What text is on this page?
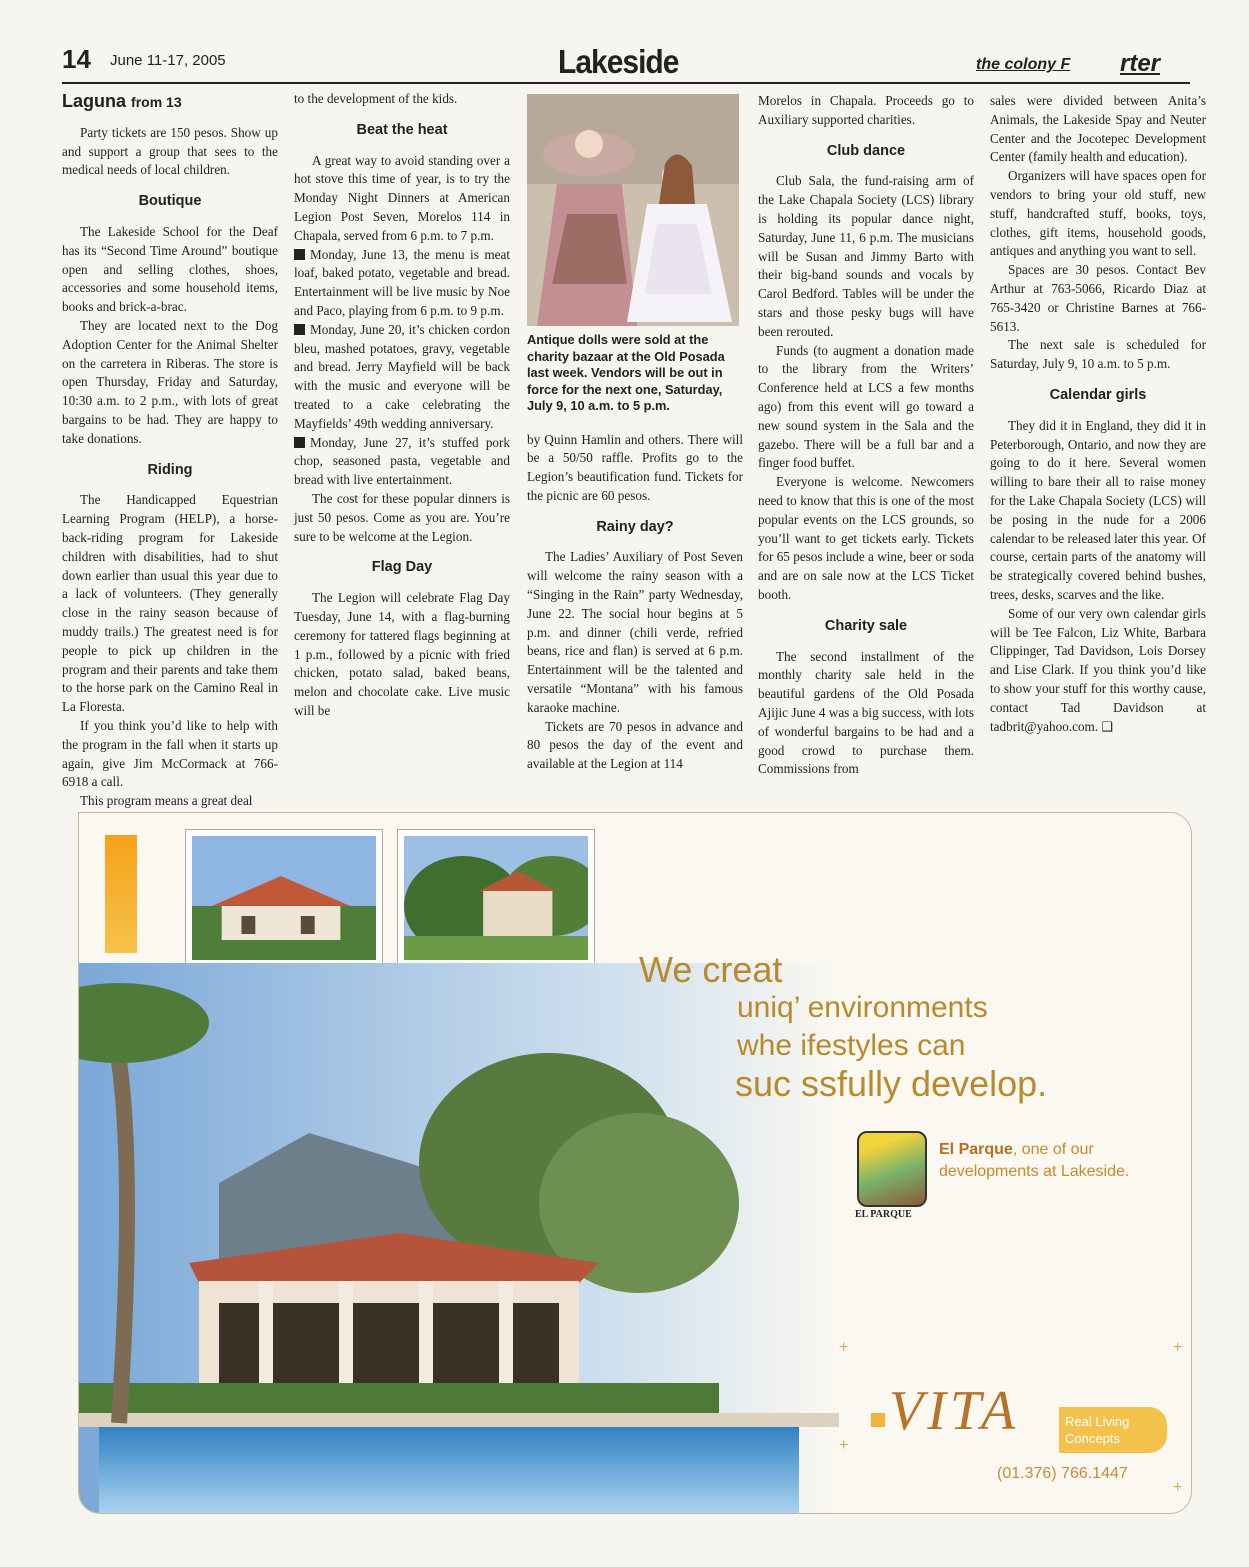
14 June 11-17, 2005	Lakeside	the colony F rter
Laguna from 13

Party tickets are 150 pesos. Show up and support a group that sees to the medical needs of local children.

Boutique

The Lakeside School for the Deaf has its “Second Time Around” boutique open and selling clothes, shoes, accessories and some household items, books and brick-a-brac.

They are located next to the Dog Adoption Center for the Animal Shelter on the carretera in Riberas. The store is open Thursday, Friday and Saturday, 10:30 a.m. to 2 p.m., with lots of great bargains to be had. They are happy to take donations.

Riding

The Handicapped Equestrian Learning Program (HELP), a horse-back-riding program for Lakeside children with disabilities, had to shut down earlier than usual this year due to a lack of volunteers. (They generally close in the rainy season because of muddy trails.) The greatest need is for people to pick up children in the program and their parents and take them to the horse park on the Camino Real in La Floresta.

If you think you’d like to help with the program in the fall when it starts up again, give Jim McCormack at 766-6918 a call.

This program means a great deal

to the development of the kids.

Beat the heat

A great way to avoid standing over a hot stove this time of year, is to try the Monday Night Dinners at American Legion Post Seven, Morelos 114 in Chapala, served from 6 p.m. to 7 p.m.

Monday, June 13, the menu is meat loaf, baked potato, vegetable and bread. Entertainment will be live music by Noe and Paco, playing from 6 p.m. to 9 p.m.

Monday, June 20, it’s chicken cordon bleu, mashed potatoes, gravy, vegetable and bread. Jerry Mayfield will be back with the music and everyone will be treated to a cake celebrating the Mayfields’ 49th wedding anniversary.

Monday, June 27, it’s stuffed pork chop, seasoned pasta, vegetable and bread with live entertainment.

The cost for these popular dinners is just 50 pesos. Come as you are. You’re sure to be welcome at the Legion.

Flag Day

The Legion will celebrate Flag Day Tuesday, June 14, with a flag-burning ceremony for tattered flags beginning at 1 p.m., followed by a picnic with fried chicken, potato salad, baked beans, melon and chocolate cake. Live music will be

Antique dolls were sold at the charity bazaar at the Old Posada last week. Vendors will be out in force for the next one, Saturday, July 9, 10 a.m. to 5 p.m.

by Quinn Hamlin and others. There will be a 50/50 raffle. Profits go to the Legion’s beautification fund. Tickets for the picnic are 60 pesos.

Rainy day?

The Ladies’ Auxiliary of Post Seven will welcome the rainy season with a “Singing in the Rain” party Wednesday, June 22. The social hour begins at 5 p.m. and dinner (chili verde, refried beans, rice and flan) is served at 6 p.m. Entertainment will be the talented and versatile “Montana” with his famous karaoke machine.

Tickets are 70 pesos in advance and 80 pesos the day of the event and available at the Legion at 114

Morelos in Chapala. Proceeds go to Auxiliary supported charities.

Club dance

Club Sala, the fund-raising arm of the Lake Chapala Society (LCS) library is holding its popular dance night, Saturday, June 11, 6 p.m. The musicians will be Susan and Jimmy Barto with their big-band sounds and vocals by Carol Bedford. Tables will be under the stars and those pesky bugs will have been rerouted.

Funds (to augment a donation made to the library from the Writers’ Conference held at LCS a few months ago) from this event will go toward a new sound system in the Sala and the gazebo. There will be a full bar and a finger food buffet.

Everyone is welcome. Newcomers need to know that this is one of the most popular events on the LCS grounds, so you’ll want to get tickets early. Tickets for 65 pesos include a wine, beer or soda and are on sale now at the LCS Ticket booth.

Charity sale

The second installment of the monthly charity sale held in the beautiful gardens of the Old Posada Ajijic June 4 was a big success, with lots of wonderful bargains to be had and a good crowd to purchase them. Commissions from

sales were divided between Anita’s Animals, the Lakeside Spay and Neuter Center and the Jocotepec Development Center (family health and education).

Organizers will have spaces open for vendors to bring your old stuff, new stuff, handcrafted stuff, books, toys, clothes, gift items, household goods, antiques and anything you want to sell.

Spaces are 30 pesos. Contact Bev Arthur at 763-5066, Ricardo Diaz at 765-3420 or Christine Barnes at 766-5613.

The next sale is scheduled for Saturday, July 9, 10 a.m. to 5 p.m.

Calendar girls

They did it in England, they did it in Peterborough, Ontario, and now they are going to do it here. Several women willing to bare their all to raise money for the Lake Chapala Society (LCS) will be posing in the nude for a 2006 calendar to be released later this year. Of course, certain parts of the anatomy will be strategically covered behind bushes, trees, desks, scarves and the like.

Some of our very own calendar girls will be Tee Falcon, Liz White, Barbara Clippinger, Tad Davidson, Lois Dorsey and Lise Clark. If you think you’d like to show your stuff for this worthy cause, contact Tad Davidson at tadbrit@yahoo.com. ❑

We creat
uniq’ environments
whe ifestyles can
suc ssfully develop.
EL PARQUE
El Parque, one of our
developments at Lakeside.
VITA	Real Living
Concepts
(01.376) 766.1447
+	+
+
+
